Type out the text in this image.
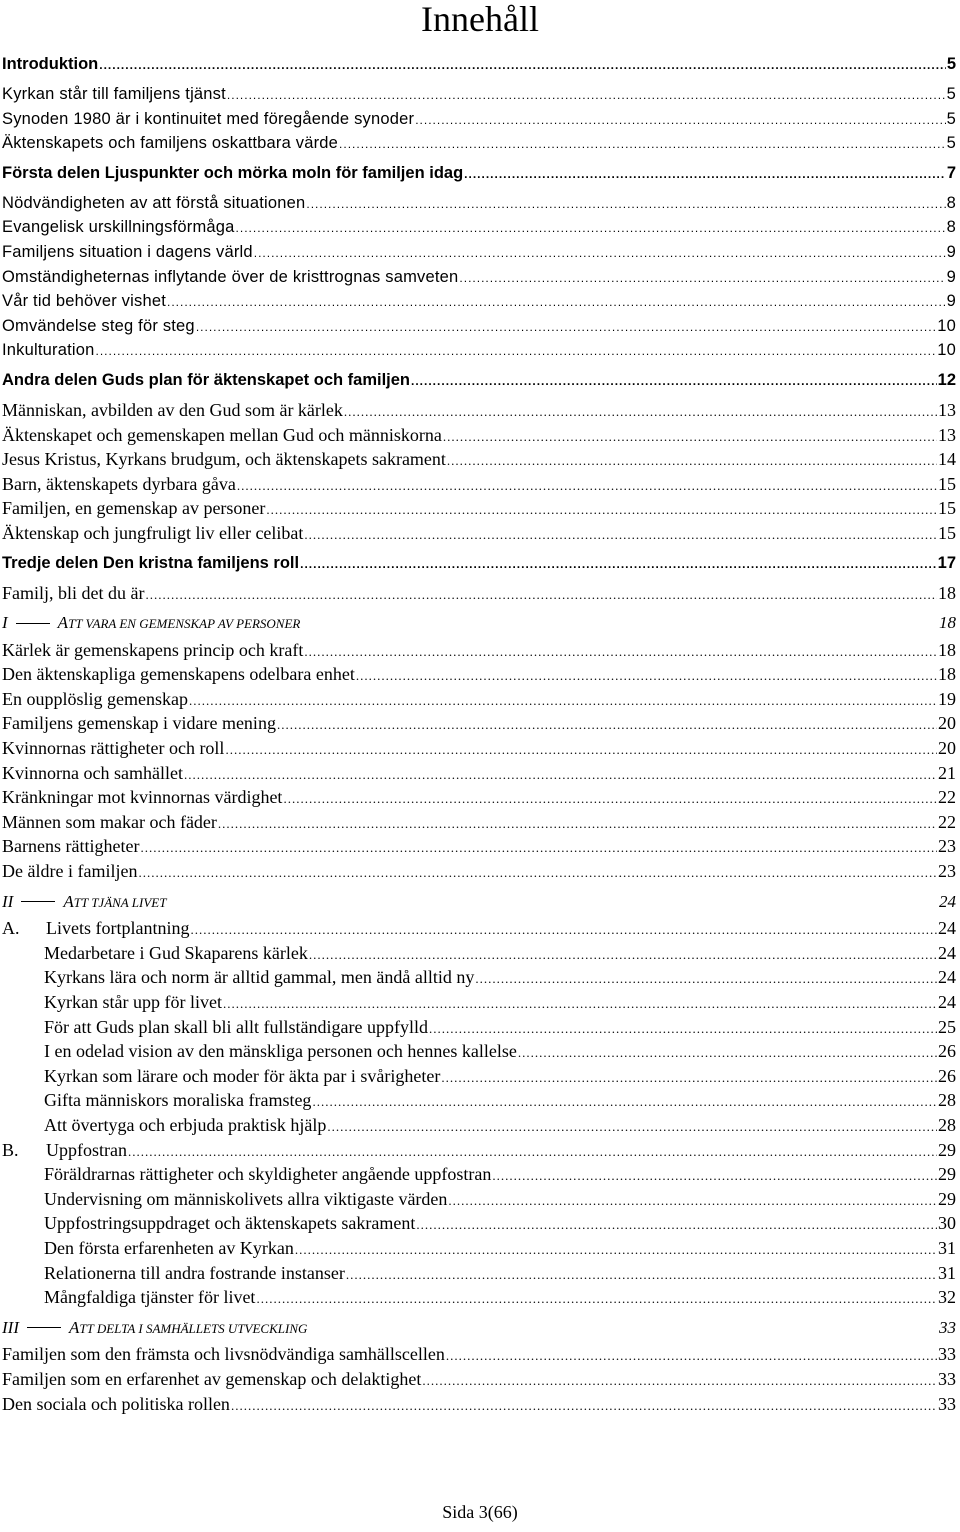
Innehåll
Introduktion .....	5
Kyrkan står till familjens tjänst .....	5
Synoden 1980 är i kontinuitet med föregående synoder .....	5
Äktenskapets och familjens oskattbara värde .....	5
Första delen Ljuspunkter och mörka moln för familjen idag .....	7
Nödvändigheten av att förstå situationen .....	8
Evangelisk urskillningsförmåga .....	8
Familjens situation i dagens värld .....	9
Omständigheternas inflytande över de kristtrognas samveten .....	9
Vår tid behöver vishet .....	9
Omvändelse steg för steg .....	10
Inkulturation .....	10
Andra delen Guds plan för äktenskapet och familjen .....	12
Människan, avbilden av den Gud som är kärlek .....	13
Äktenskapet och gemenskapen mellan Gud och människorna .....	13
Jesus Kristus, Kyrkans brudgum, och äktenskapets sakrament .....	14
Barn, äktenskapets dyrbara gåva .....	15
Familjen, en gemenskap av personer .....	15
Äktenskap och jungfruligt liv eller celibat .....	15
Tredje delen Den kristna familjens roll .....	17
Familj, bli det du är .....	18
I	ATT VARA EN GEMENSKAP AV PERSONER	18
Kärlek är gemenskapens princip och kraft .....	18
Den äktenskapliga gemenskapens odelbara enhet .....	18
En oupplöslig gemenskap .....	19
Familjens gemenskap i vidare mening .....	20
Kvinnornas rättigheter och roll .....	20
Kvinnorna och samhället .....	21
Kränkningar mot kvinnornas värdighet .....	22
Männen som makar och fäder .....	22
Barnens rättigheter .....	23
De äldre i familjen .....	23
II	ATT TJÄNA LIVET	24
A. Livets fortplantning .....	24
Medarbetare i Gud Skaparens kärlek .....	24
Kyrkans lära och norm är alltid gammal, men ändå alltid ny .....	24
Kyrkan står upp för livet .....	24
För att Guds plan skall bli allt fullständigare uppfylld .....	25
I en odelad vision av den mänskliga personen och hennes kallelse .....	26
Kyrkan som lärare och moder för äkta par i svårigheter .....	26
Gifta människors moraliska framsteg .....	28
Att övertyga och erbjuda praktisk hjälp .....	28
B. Uppfostran .....	29
Föräldrarnas rättigheter och skyldigheter angående uppfostran .....	29
Undervisning om människolivets allra viktigaste värden .....	29
Uppfostringsuppdraget och äktenskapets sakrament .....	30
Den första erfarenheten av Kyrkan .....	31
Relationerna till andra fostrande instanser .....	31
Mångfaldiga tjänster för livet .....	32
III	ATT DELTA I SAMHÄLLETS UTVECKLING	33
Familjen som den främsta och livsnödvändiga samhällscellen .....	33
Familjen som en erfarenhet av gemenskap och delaktighet .....	33
Den sociala och politiska rollen .....	33
Sida 3(66)
